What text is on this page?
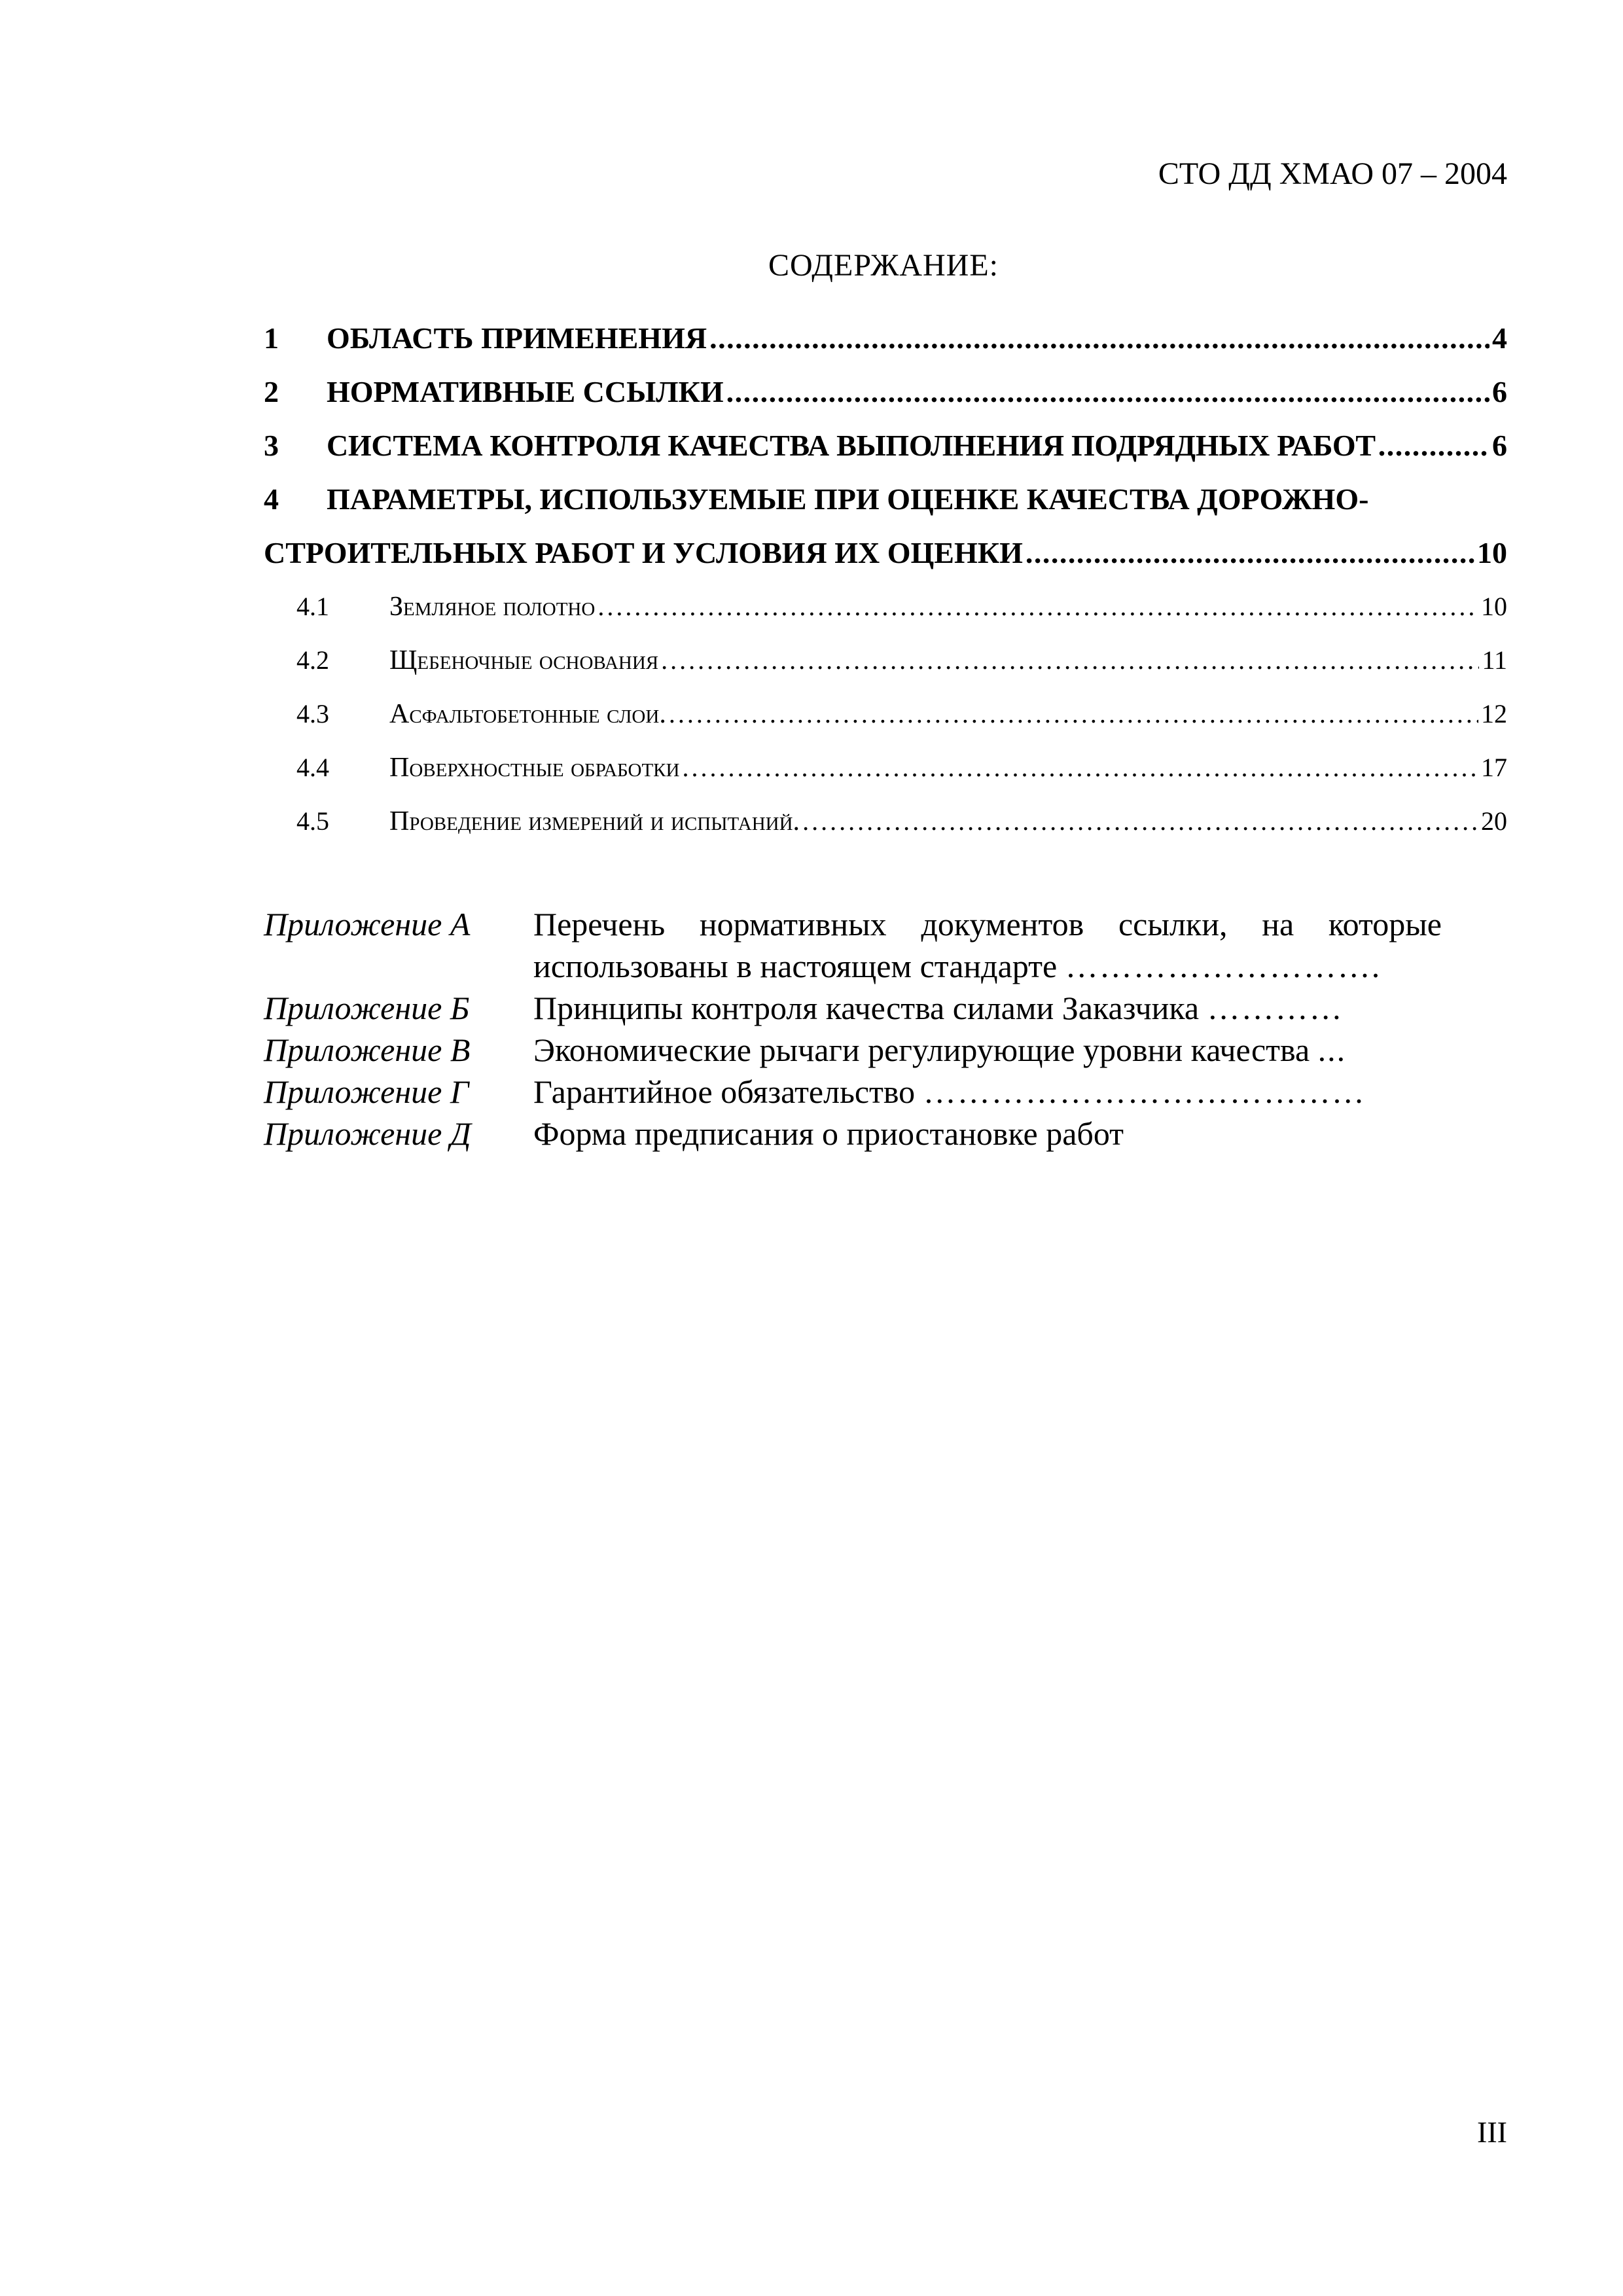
СТО ДД ХМАО 07 – 2004
СОДЕРЖАНИЕ:
1	ОБЛАСТЬ ПРИМЕНЕНИЯ . . .	4
2	НОРМАТИВНЫЕ ССЫЛКИ . . .	6
3	СИСТЕМА КОНТРОЛЯ КАЧЕСТВА ВЫПОЛНЕНИЯ ПОДРЯДНЫХ РАБОТ . . .	6
4	ПАРАМЕТРЫ, ИСПОЛЬЗУЕМЫЕ ПРИ ОЦЕНКЕ КАЧЕСТВА ДОРОЖНО-
СТРОИТЕЛЬНЫХ РАБОТ И УСЛОВИЯ ИХ ОЦЕНКИ . . .	10
4.1	Земляное полотно . . .	10
4.2	Щебеночные основания . . .	11
4.3	Асфальтобетонные слои. . . .	12
4.4	Поверхностные обработки . . .	17
4.5	Проведение измерений и испытаний. . . .	20
Приложение А	Перечень нормативных документов ссылки, на которые использованы в настоящем стандарте ……………………….
Приложение Б	Принципы контроля качества силами Заказчика …………
Приложение В	Экономические рычаги регулирующие уровни качества ...
Приложение Г	Гарантийное обязательство …………………………………
Приложение Д	Форма предписания о приостановке работ
III
